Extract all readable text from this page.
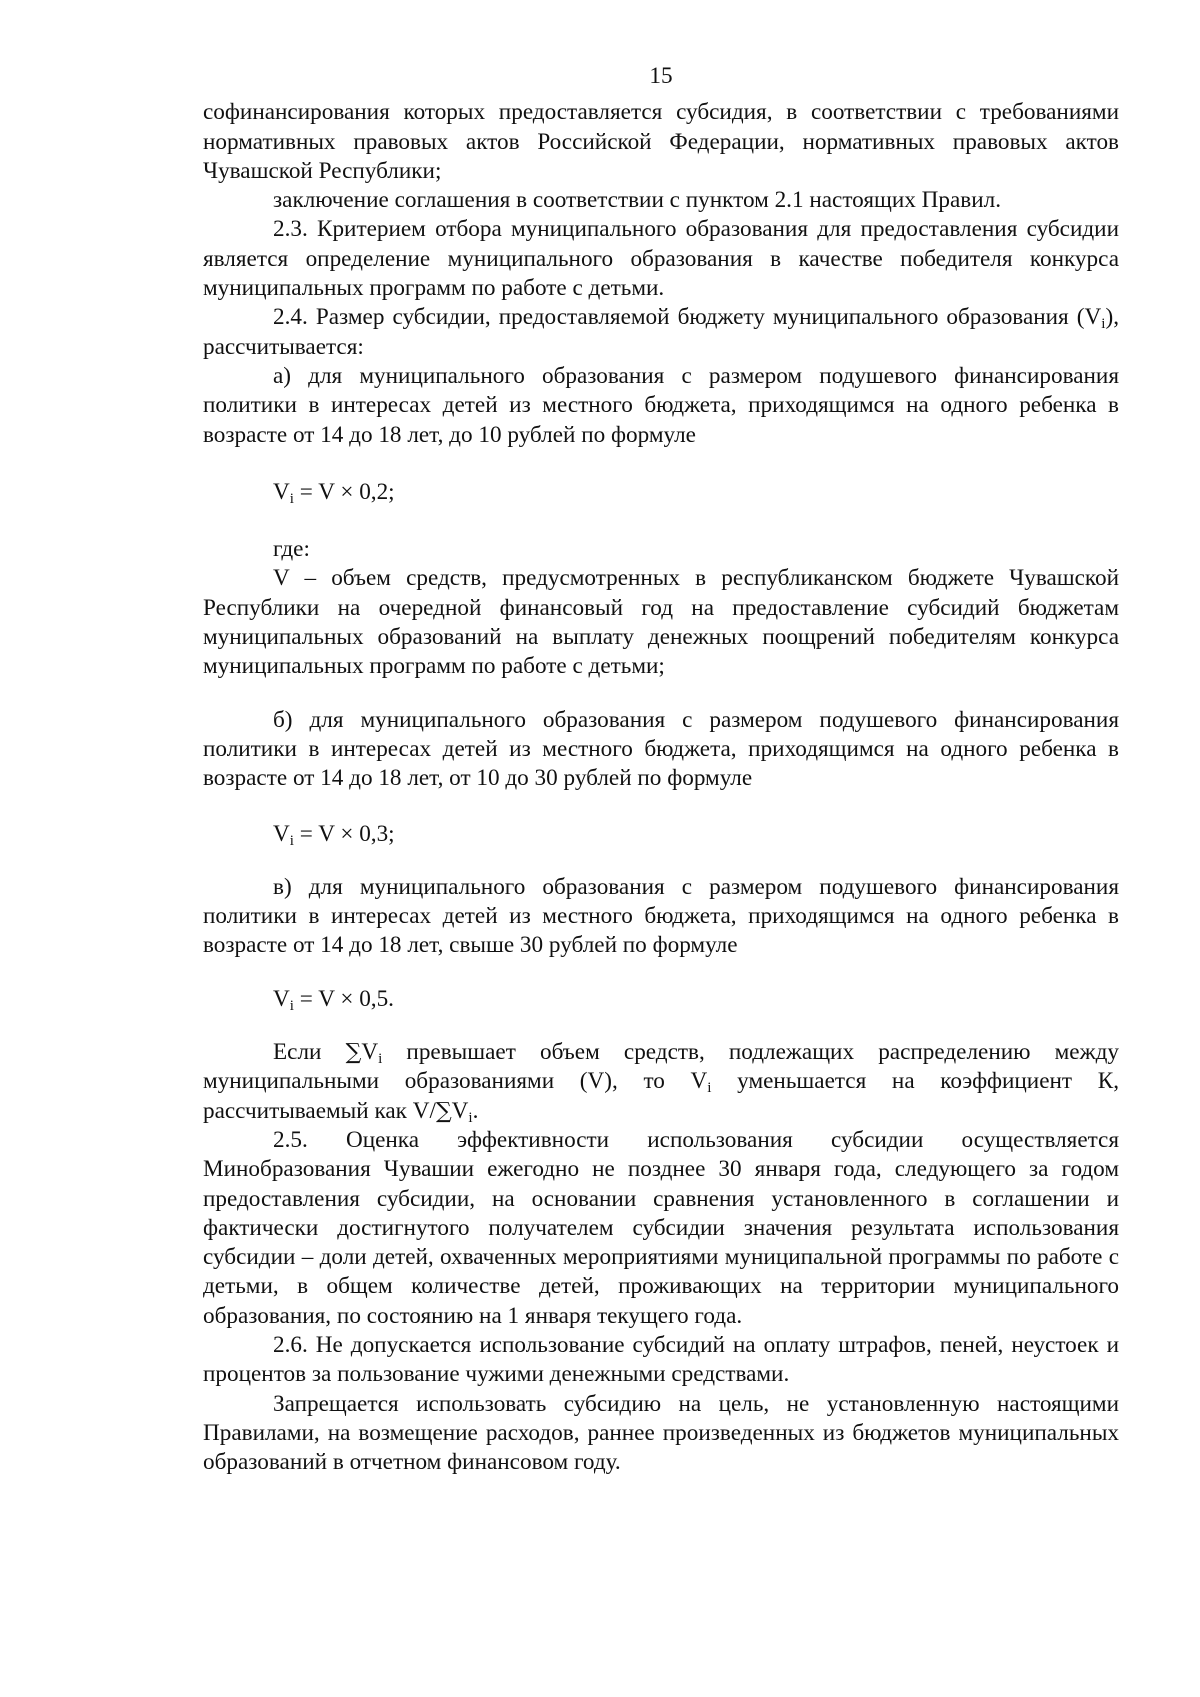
15

софинансирования которых предоставляется субсидия, в соответствии с требованиями нормативных правовых актов Российской Федерации, нормативных правовых актов Чувашской Республики;

заключение соглашения в соответствии с пунктом 2.1 настоящих Правил.

2.3. Критерием отбора муниципального образования для предоставления субсидии является определение муниципального образования в качестве победителя конкурса муниципальных программ по работе с детьми.

2.4. Размер субсидии, предоставляемой бюджету муниципального образования $(V_i)$, рассчитывается:

а) для муниципального образования с размером подушевого финансирования политики в интересах детей из местного бюджета, приходящимся на одного ребенка в возрасте от 14 до 18 лет, до 10 рублей по формуле

$V_i = V \times 0,2$;

где:

V – объем средств, предусмотренных в республиканском бюджете Чувашской Республики на очередной финансовый год на предоставление субсидий бюджетам муниципальных образований на выплату денежных поощрений победителям конкурса муниципальных программ по работе с детьми;

б) для муниципального образования с размером подушевого финансирования политики в интересах детей из местного бюджета, приходящимся на одного ребенка в возрасте от 14 до 18 лет, от 10 до 30 рублей по формуле

$V_i = V \times 0,3$;

в) для муниципального образования с размером подушевого финансирования политики в интересах детей из местного бюджета, приходящимся на одного ребенка в возрасте от 14 до 18 лет, свыше 30 рублей по формуле

$V_i = V \times 0,5$.

Если $\sum V_i$ превышает объем средств, подлежащих распределению между муниципальными образованиями (V), то $V_i$ уменьшается на коэффициент К, рассчитываемый как $V/\sum V_i$.

2.5. Оценка эффективности использования субсидии осуществляется Минобразования Чувашии ежегодно не позднее 30 января года, следующего за годом предоставления субсидии, на основании сравнения установленного в соглашении и фактически достигнутого получателем субсидии значения результата использования субсидии – доли детей, охваченных мероприятиями муниципальной программы по работе с детьми, в общем количестве детей, проживающих на территории муниципального образования, по состоянию на 1 января текущего года.

2.6. Не допускается использование субсидий на оплату штрафов, пеней, неустоек и процентов за пользование чужими денежными средствами.

Запрещается использовать субсидию на цель, не установленную настоящими Правилами, на возмещение расходов, раннее произведенных из бюджетов муниципальных образований в отчетном финансовом году.
